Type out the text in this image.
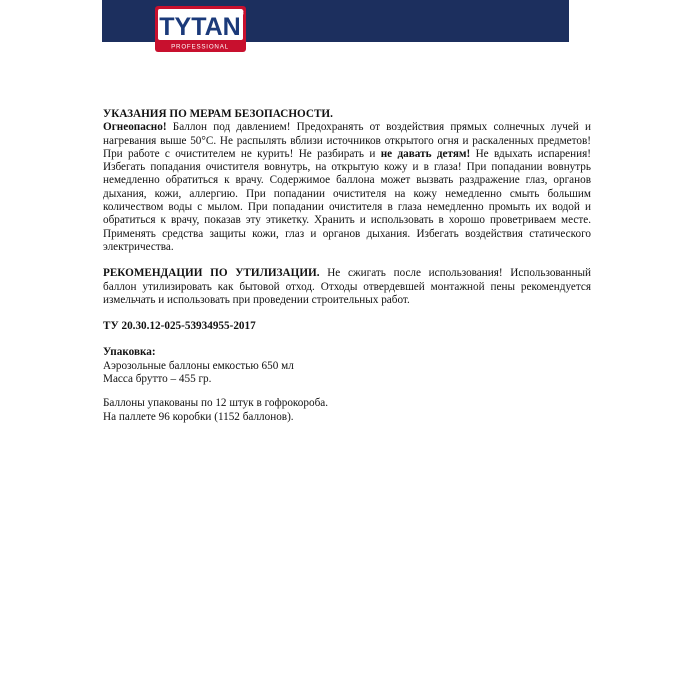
TYTAN
®
PROFESSIONAL

УКАЗАНИЯ ПО МЕРАМ БЕЗОПАСНОСТИ.

Огнеопасно! Баллон под давлением! Предохранять от воздействия прямых солнечных лучей и нагревания выше 50°С. Не распылять вблизи источников открытого огня и раскаленных предметов! При работе с очистителем не курить! Не разбирать и не давать детям! Не вдыхать испарения! Избегать попадания очистителя вовнутрь, на открытую кожу и в глаза! При попадании вовнутрь немедленно обратиться к врачу. Содержимое баллона может вызвать раздражение глаз, органов дыхания, кожи, аллергию. При попадании очистителя на кожу немедленно смыть большим количеством воды с мылом. При попадании очистителя в глаза немедленно промыть их водой и обратиться к врачу, показав эту этикетку. Хранить и использовать в хорошо проветриваем месте. Применять средства защиты кожи, глаз и органов дыхания. Избегать воздействия статического электричества.

РЕКОМЕНДАЦИИ ПО УТИЛИЗАЦИИ. Не сжигать после использования! Использованный баллон утилизировать как бытовой отход. Отходы отвердевшей монтажной пены рекомендуется измельчать и использовать при проведении строительных работ.

ТУ 20.30.12-025-53934955-2017

Упаковка:

Аэрозольные баллоны емкостью 650 мл

Масса брутто – 455 гр.

Баллоны упакованы по 12 штук в гофрокороба.

На паллете 96 коробки (1152 баллонов).
